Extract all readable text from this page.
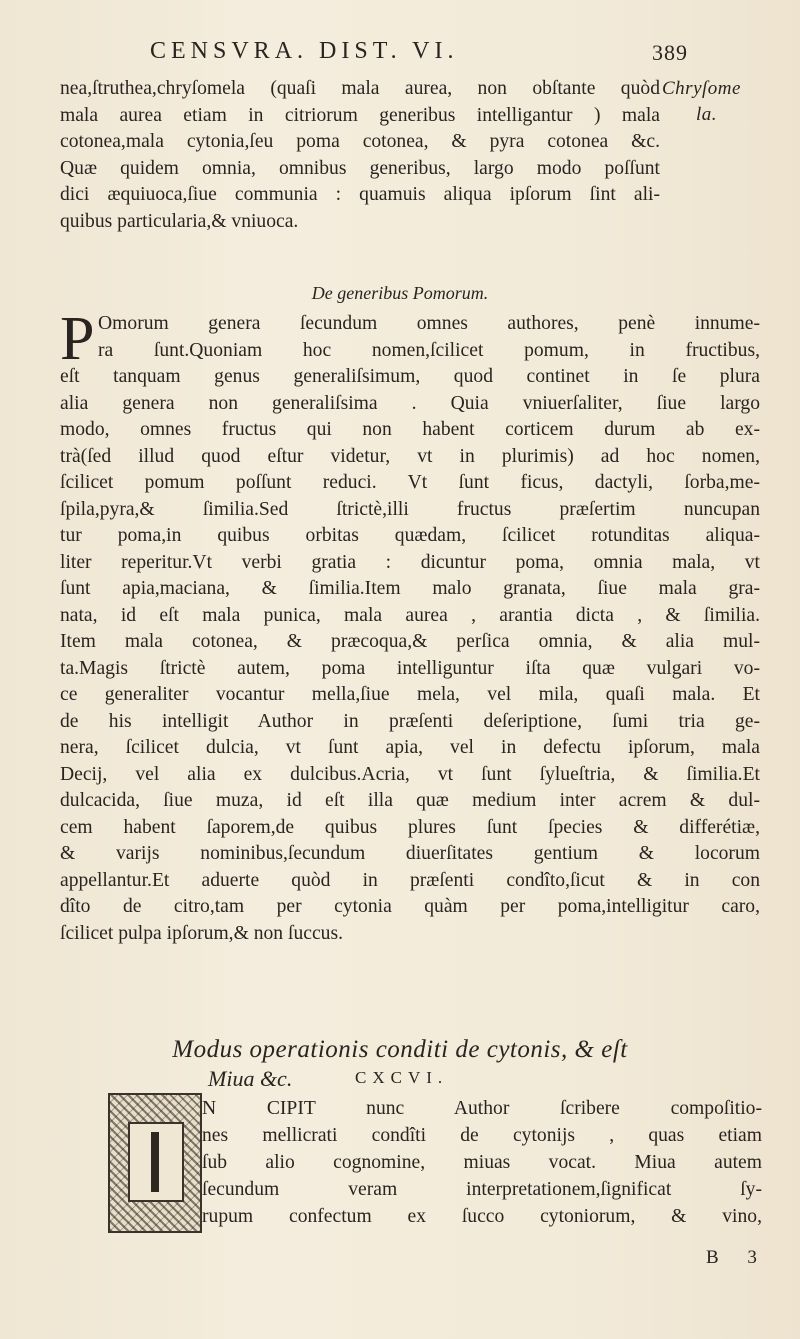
CENSVRA. DIST. VI.	389
nea,ſtruthea,chryſomela (quaſi mala aurea, non obſtante quòd
mala aurea etiam in citriorum generibus intelligantur ) mala
cotonea,mala cytonia,ſeu poma cotonea, & pyra cotonea &c.
Quæ quidem omnia, omnibus generibus, largo modo poſſunt
dici æquiuoca,ſiue communia : quamuis aliqua ipſorum ſint ali-
quibus particularia,& vniuoca.
Chryſome
la.
De generibus Pomorum.
P Omorum genera ſecundum omnes authores, penè innume-
ra ſunt.Quoniam hoc nomen,ſcilicet pomum, in fructibus,
eſt tanquam genus generaliſsimum, quod continet in ſe plura
alia genera non generaliſsima . Quia vniuerſaliter, ſiue largo
modo, omnes fructus qui non habent corticem durum ab ex-
trà(ſed illud quod eſtur videtur, vt in plurimis) ad hoc nomen,
ſcilicet pomum poſſunt reduci. Vt ſunt ficus, dactyli, ſorba,me-
ſpila,pyra,& ſimilia.Sed ſtrictè,illi fructus præſertim nuncupan
tur poma,in quibus orbitas quædam, ſcilicet rotunditas aliqua-
liter reperitur.Vt verbi gratia : dicuntur poma, omnia mala, vt
ſunt apia,maciana, & ſimilia.Item malo granata, ſiue mala gra-
nata, id eſt mala punica, mala aurea , arantia dicta , & ſimilia.
Item mala cotonea, & præcoqua,& perſica omnia, & alia mul-
ta.Magis ſtrictè autem, poma intelliguntur iſta quæ vulgari vo-
ce generaliter vocantur mella,ſiue mela, vel mila, quaſi mala. Et
de his intelligit Author in præſenti deſeriptione, ſumi tria ge-
nera, ſcilicet dulcia, vt ſunt apia, vel in defectu ipſorum, mala
Decij, vel alia ex dulcibus.Acria, vt ſunt ſylueſtria, & ſimilia.Et
dulcacida, ſiue muza, id eſt illa quæ medium inter acrem & dul-
cem habent ſaporem,de quibus plures ſunt ſpecies & differétiæ,
& varijs nominibus,ſecundum diuerſitates gentium & locorum
appellantur.Et aduerte quòd in præſenti condîto,ſicut & in con
dîto de citro,tam per cytonia quàm per poma,intelligitur caro,
ſcilicet pulpa ipſorum,& non ſuccus.
Modus operationis conditi de cytonis, & eſt
Miua &c.	CXCVI.
N CIPIT nunc Author ſcribere compoſitio-
nes mellicrati condîti de cytonijs , quas etiam
ſub alio cognomine, miuas vocat. Miua autem
ſecundum veram interpretationem,ſignificat ſy-
rupum confectum ex ſucco cytoniorum, & vino,
B 3
